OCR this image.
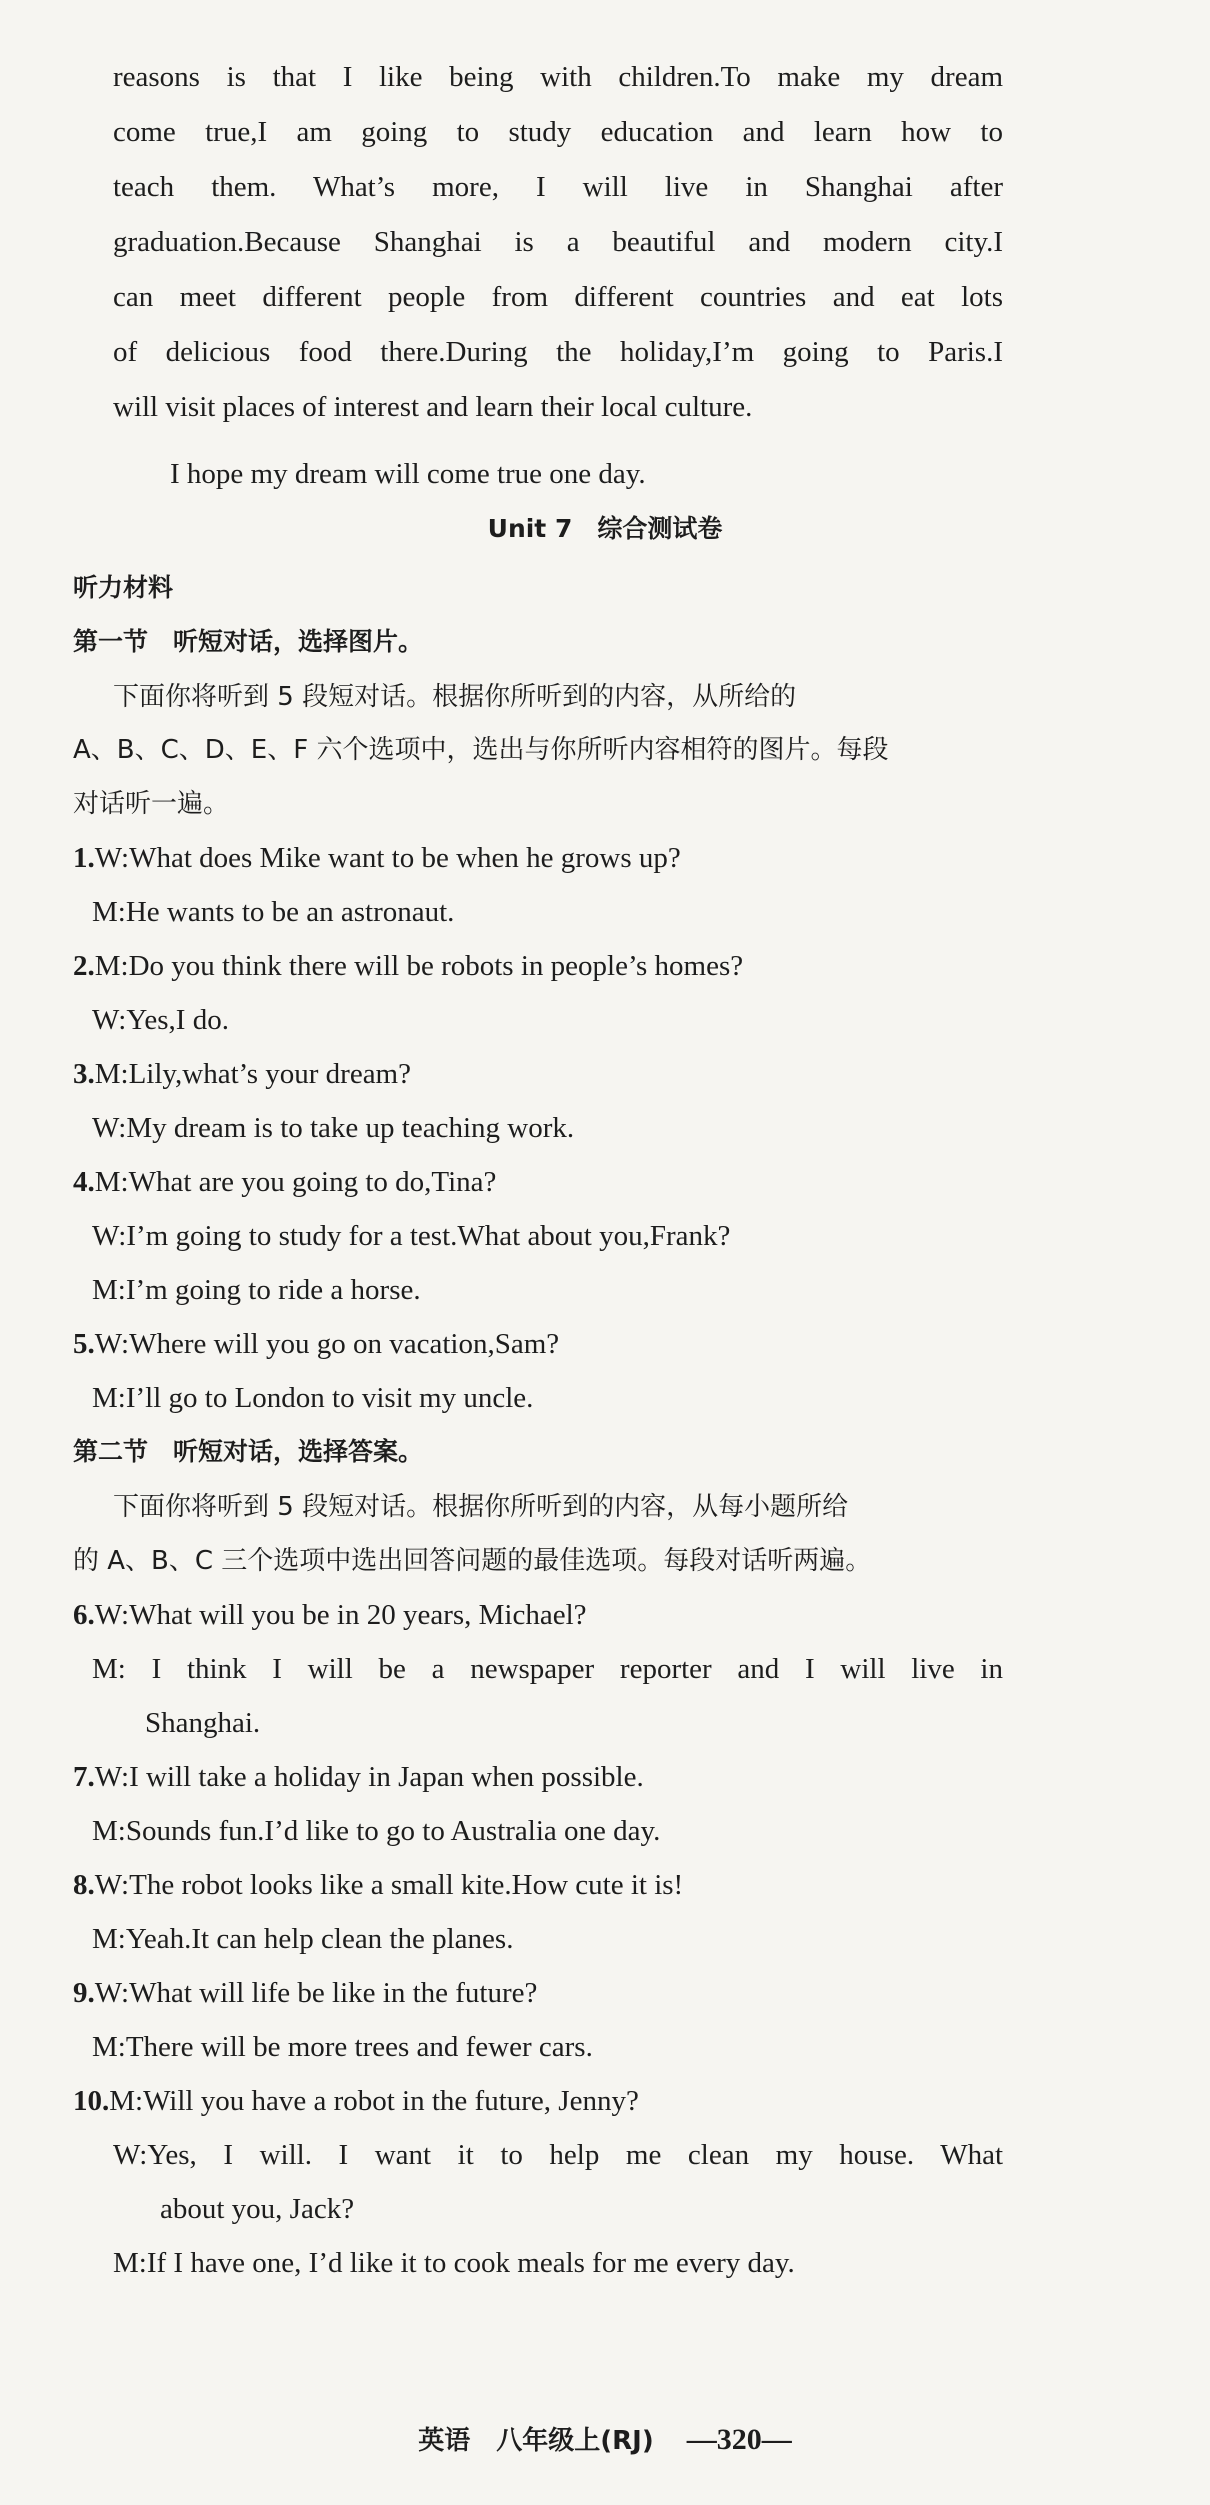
reasons is that I like being with children.To make my dream
come true,I am going to study education and learn how to
teach them. What’s more, I will live in Shanghai after
graduation.Because Shanghai is a beautiful and modern city.I
can meet different people from different countries and eat lots
of delicious food there.During the holiday,I’m going to Paris.I
will visit places of interest and learn their local culture.
I hope my dream will come true one day.
Unit 7　综合测试卷
听力材料
第一节　听短对话，选择图片。
下面你将听到 5 段短对话。根据你所听到的内容，从所给的
A、B、C、D、E、F 六个选项中，选出与你所听内容相符的图片。每段
对话听一遍。
1.W:What does Mike want to be when he grows up?
M:He wants to be an astronaut.
2.M:Do you think there will be robots in people’s homes?
W:Yes,I do.
3.M:Lily,what’s your dream?
W:My dream is to take up teaching work.
4.M:What are you going to do,Tina?
W:I’m going to study for a test.What about you,Frank?
M:I’m going to ride a horse.
5.W:Where will you go on vacation,Sam?
M:I’ll go to London to visit my uncle.
第二节　听短对话，选择答案。
下面你将听到 5 段短对话。根据你所听到的内容，从每小题所给
的 A、B、C 三个选项中选出回答问题的最佳选项。每段对话听两遍。
6.W:What will you be in 20 years, Michael?
M: I think I will be a newspaper reporter and I will live in
Shanghai.
7.W:I will take a holiday in Japan when possible.
M:Sounds fun.I’d like to go to Australia one day.
8.W:The robot looks like a small kite.How cute it is!
M:Yeah.It can help clean the planes.
9.W:What will life be like in the future?
M:There will be more trees and fewer cars.
10.M:Will you have a robot in the future, Jenny?
W:Yes, I will. I want it to help me clean my house. What
about you, Jack?
M:If I have one, I’d like it to cook meals for me every day.
英语　八年级上(RJ) —320—
